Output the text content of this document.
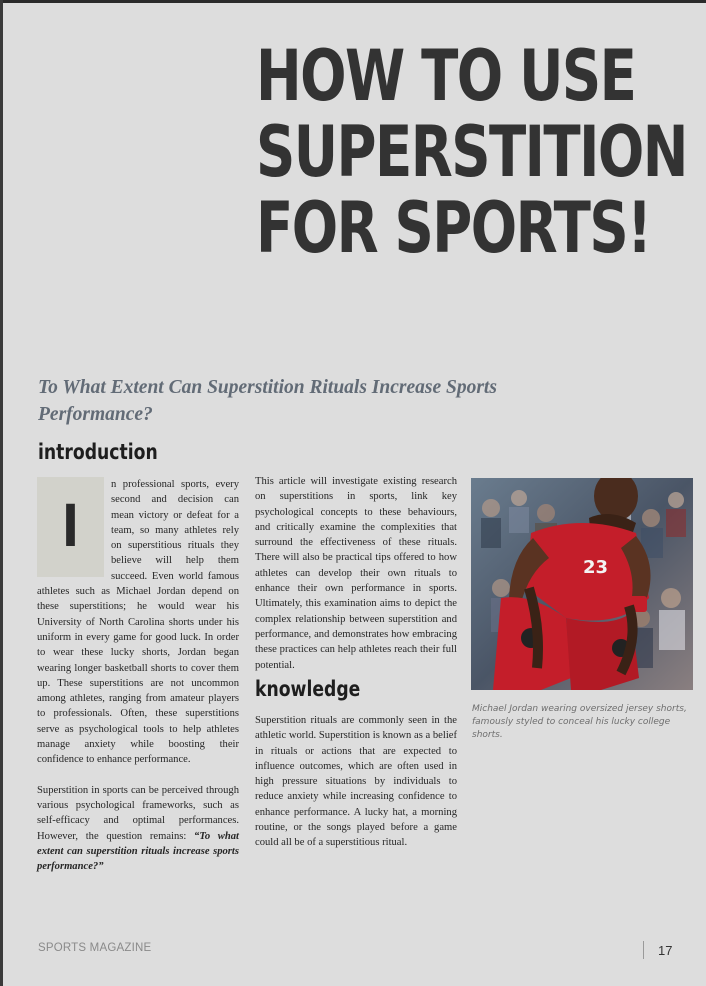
HOW TO USE
SUPERSTITION
FOR SPORTS!

To What Extent Can Superstition Rituals Increase Sports Performance?

introduction

I
n professional sports, every second and decision can mean victory or defeat for a team, so many athletes rely on superstitious rituals they believe will help them succeed. Even world famous athletes such as Michael Jordan depend on these superstitions; he would wear his University of North Carolina shorts under his uniform in every game for good luck. In order to wear these lucky shorts, Jordan began wearing longer basketball shorts to cover them up. These superstitions are not uncommon among athletes, ranging from amateur players to professionals. Often, these superstitions serve as psychological tools to help athletes manage anxiety while boosting their confidence to enhance performance.

Superstition in sports can be perceived through various psychological frameworks, such as self-efficacy and optimal performances. However, the question remains: “To what extent can superstition rituals increase sports performance?”

This article will investigate existing research on superstitions in sports, link key psychological concepts to these behaviours, and critically examine the complexities that surround the effectiveness of these rituals. There will also be practical tips offered to how athletes can develop their own rituals to enhance their own performance in sports. Ultimately, this examination aims to depict the complex relationship between superstition and performance, and demonstrates how embracing these practices can help athletes reach their full potential.

knowledge

Superstition rituals are commonly seen in the athletic world. Superstition is known as a belief in rituals or actions that are expected to influence outcomes, which are often used in high pressure situations by individuals to reduce anxiety while increasing confidence to enhance performance. A lucky hat, a morning routine, or the songs played before a game could all be of a superstitious ritual.

23

Michael Jordan wearing oversized jersey shorts, famously styled to conceal his lucky college shorts.

SPORTS MAGAZINE	17
